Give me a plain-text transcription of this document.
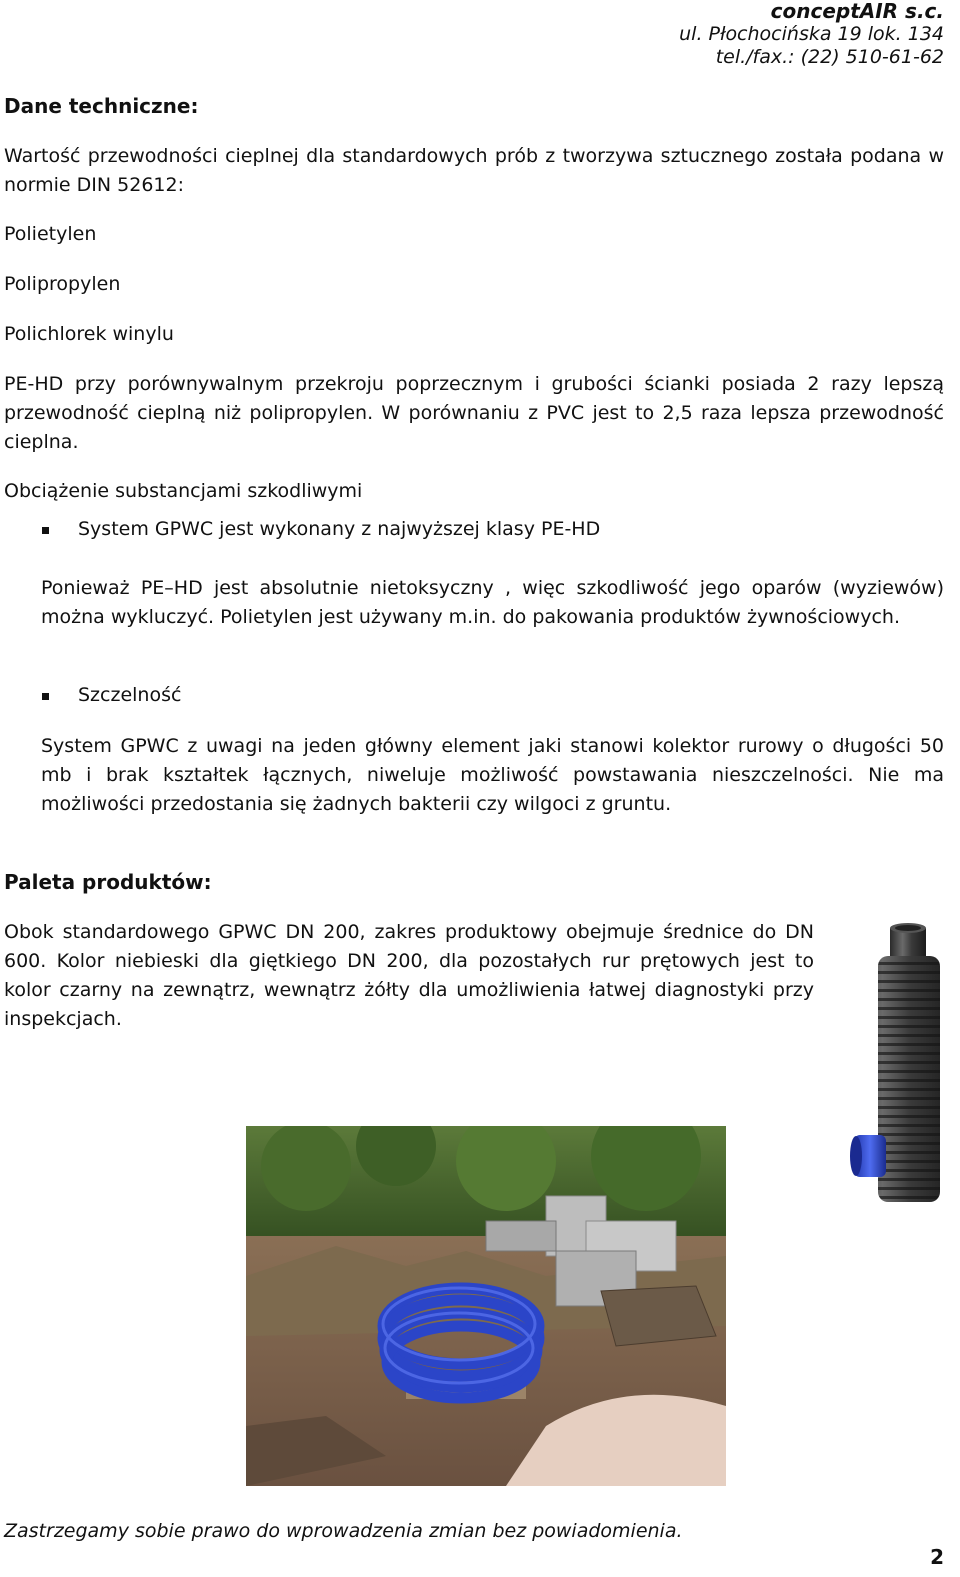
conceptAIR s.c.
ul. Płochocińska 19 lok. 134
tel./fax.: (22) 510-61-62

Dane techniczne:

Wartość przewodności cieplnej dla standardowych prób z tworzywa sztucznego została podana w normie DIN 52612:

Polietylen

Polipropylen

Polichlorek winylu

PE-HD przy porównywalnym przekroju poprzecznym i grubości ścianki posiada 2 razy lepszą przewodność cieplną niż polipropylen. W porównaniu z PVC jest to 2,5 raza lepsza przewodność cieplna.

Obciążenie substancjami szkodliwymi

System GPWC jest wykonany z najwyższej klasy PE-HD

Ponieważ PE–HD jest absolutnie nietoksyczny , więc szkodliwość jego oparów (wyziewów) można wykluczyć. Polietylen jest używany m.in. do pakowania produktów żywnościowych.

Szczelność

System GPWC z uwagi na jeden główny element jaki stanowi kolektor rurowy o długości 50 mb i brak kształtek łącznych, niweluje możliwość powstawania nieszczelności. Nie ma możliwości przedostania się żadnych bakterii czy wilgoci z gruntu.

Paleta produktów:

Obok standardowego GPWC DN 200, zakres produktowy obejmuje średnice do DN 600. Kolor niebieski dla giętkiego DN 200, dla pozostałych rur prętowych jest to kolor czarny na zewnątrz, wewnątrz żółty dla umożliwienia łatwej diagnostyki przy inspekcjach.

Zastrzegamy sobie prawo do wprowadzenia zmian bez powiadomienia.
2
